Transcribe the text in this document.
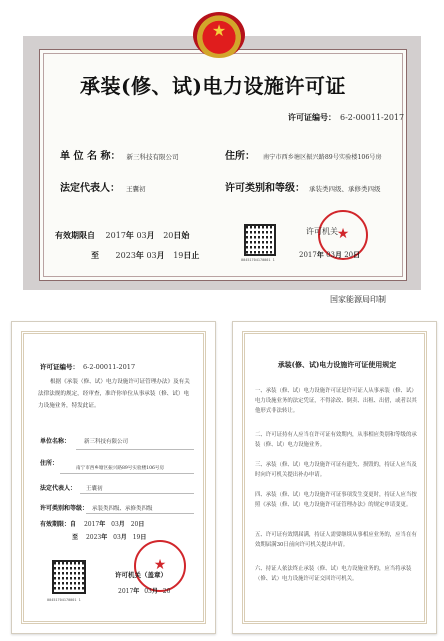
★
承装(修、试)电力设施许可证
许可证编号： 6-2-00011-2017
单 位 名 称： 新三科技有限公司	住所： 南宁市西乡塘区振兴路89号实验楼106号房
法定代表人： 王囊初	许可类别和等级： 承装类四级、承修类四级
有效期限自 2017年 03月 20日始
至 2023年 03月 19日止	00451704170001 1
★
许可机关
2017年 03月 20日
国家能源局印制
许可证编号： 6-2-00011-2017
根据《承装（修、试）电力设施许可证管理办法》及有关法律法规的规定，经审查，准许你单位从事承装（修、试）电力设施业务，特发此证。
单位名称：	新三科技有限公司
住所：
南宁市西乡塘区振兴路89号实验楼106号房
法定代表人： 王囊初
许可类别和等级： 承装类四级、承修类四级
有效期限：自 2017年 03月 20日
至 2023年 03月 19日
00451704170001 1
★
许可机关（盖章）
2017年 03月 20
承装(修、试)电力设施许可证使用规定
一、承装（修、试）电力设施许可证是许可证人从事承装（修、试）电力设施业务的法定凭证，不得涂改、倒卖、出租、出借，或者以其他形式非法转让。
二、许可证持有人应当在许可证有效期内，从事相应类别和等级的承装（修、试）电力设施业务。
三、承装（修、试）电力设施许可证有遗失、损毁的，持证人应当及时向许可机关提出补办申请。
四、承装（修、试）电力设施许可证事项发生变更时，持证人应当按照《承装（修、试）电力设施许可证管理办法》的规定申请变更。
五、许可证有效期届满，持证人需要继续从事相应业务的，应当在有效期届满30日前向许可机关提出申请。
六、持证人依法终止承装（修、试）电力设施业务的，应当将承装（修、试）电力设施许可证交回许可机关。
